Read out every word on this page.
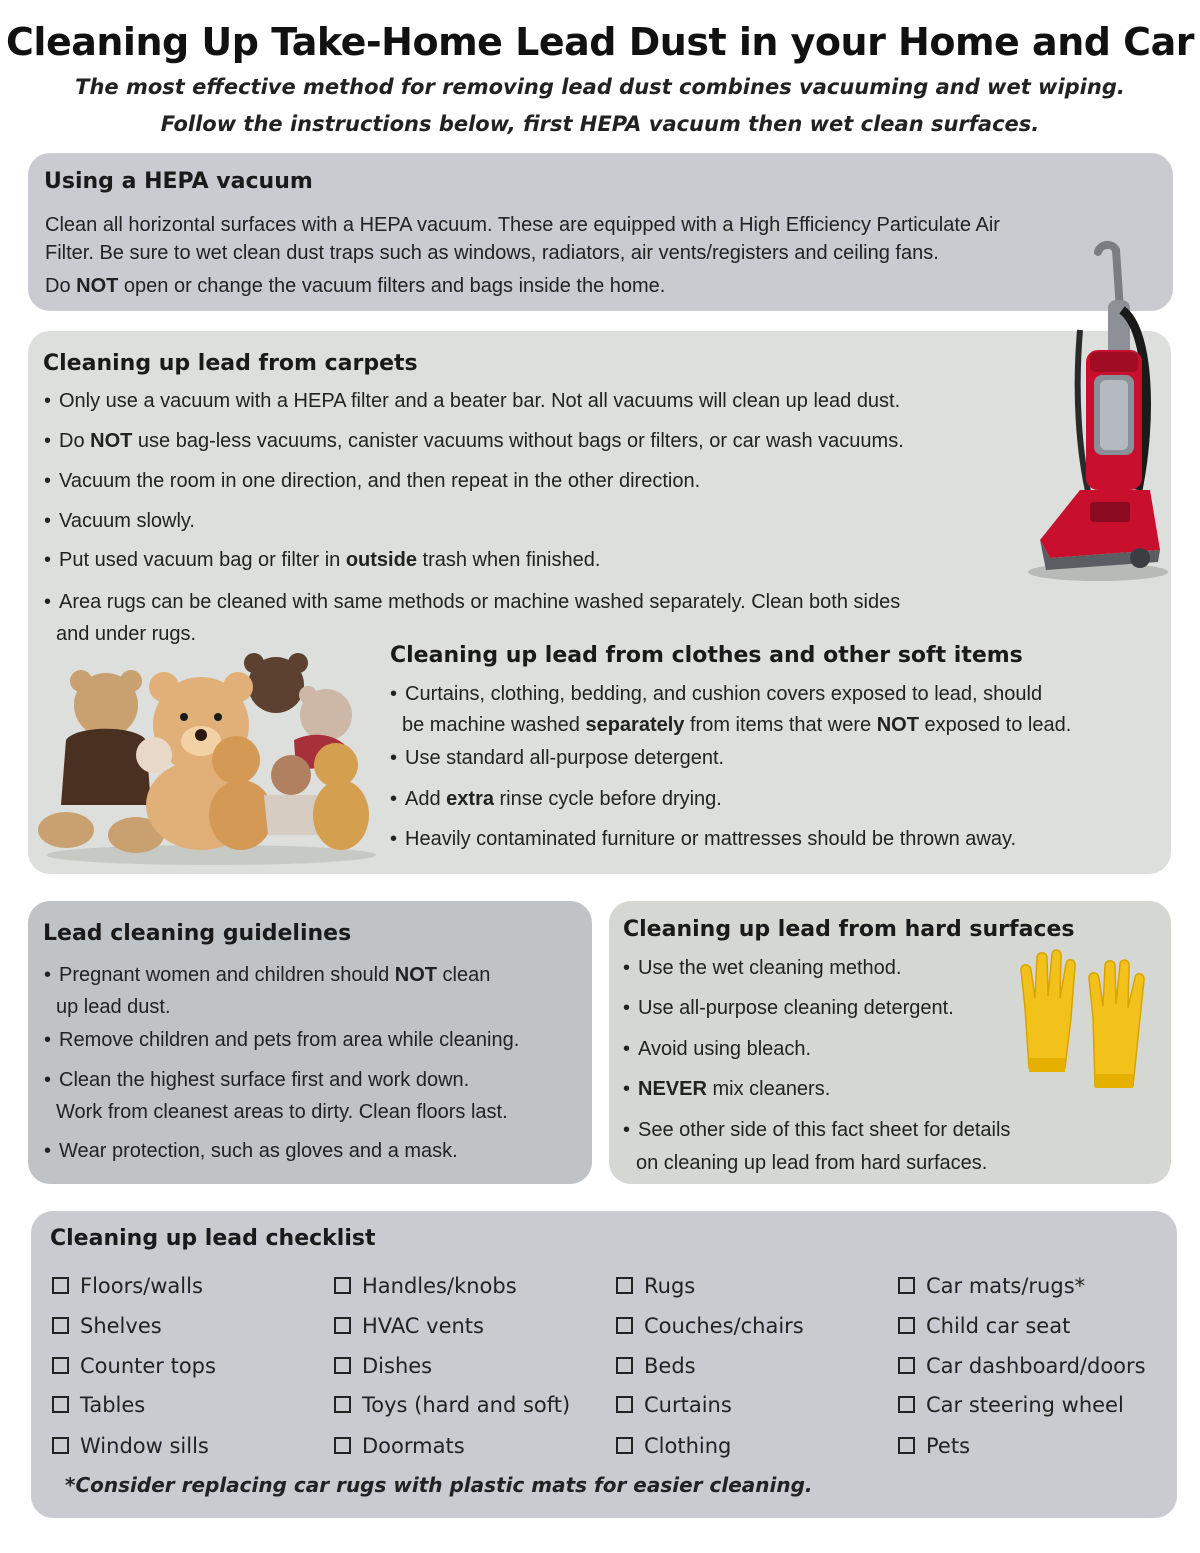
Cleaning Up Take-Home Lead Dust in your Home and Car
The most effective method for removing lead dust combines vacuuming and wet wiping.
Follow the instructions below, first HEPA vacuum then wet clean surfaces.
Using a HEPA vacuum
Clean all horizontal surfaces with a HEPA vacuum. These are equipped with a High Efficiency Particulate Air
Filter. Be sure to wet clean dust traps such as windows, radiators, air vents/registers and ceiling fans.
Do NOT open or change the vacuum filters and bags inside the home.
Cleaning up lead from carpets
• Only use a vacuum with a HEPA filter and a beater bar. Not all vacuums will clean up lead dust.
• Do NOT use bag-less vacuums, canister vacuums without bags or filters, or car wash vacuums.
• Vacuum the room in one direction, and then repeat in the other direction.
• Vacuum slowly.
• Put used vacuum bag or filter in outside trash when finished.
• Area rugs can be cleaned with same methods or machine washed separately. Clean both sides
and under rugs.
Cleaning up lead from clothes and other soft items
• Curtains, clothing, bedding, and cushion covers exposed to lead, should
be machine washed separately from items that were NOT exposed to lead.
• Use standard all-purpose detergent.
• Add extra rinse cycle before drying.
• Heavily contaminated furniture or mattresses should be thrown away.
Lead cleaning guidelines
• Pregnant women and children should NOT clean
up lead dust.
• Remove children and pets from area while cleaning.
• Clean the highest surface first and work down.
Work from cleanest areas to dirty. Clean floors last.
• Wear protection, such as gloves and a mask.
Cleaning up lead from hard surfaces
• Use the wet cleaning method.
• Use all-purpose cleaning detergent.
• Avoid using bleach.
• NEVER mix cleaners.
• See other side of this fact sheet for details
on cleaning up lead from hard surfaces.
Cleaning up lead checklist
Floors/walls
Shelves
Counter tops
Tables
Window sills
Handles/knobs
HVAC vents
Dishes
Toys (hard and soft)
Doormats
Rugs
Couches/chairs
Beds
Curtains
Clothing
Car mats/rugs*
Child car seat
Car dashboard/doors
Car steering wheel
Pets
*Consider replacing car rugs with plastic mats for easier cleaning.
